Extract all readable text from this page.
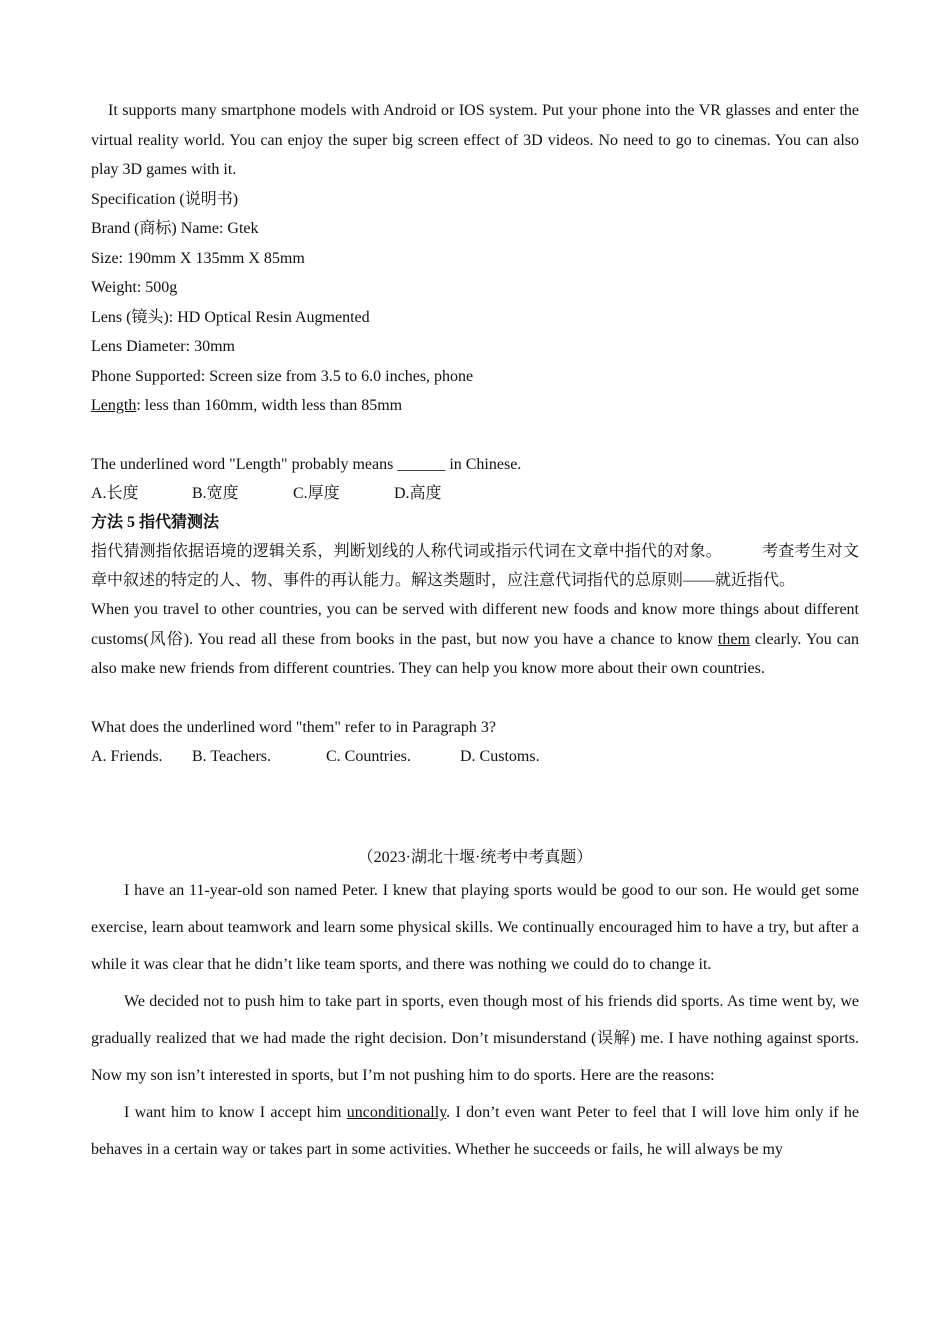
It supports many smartphone models with Android or IOS system. Put your phone into the VR glasses and enter the virtual reality world. You can enjoy the super big screen effect of 3D videos. No need to go to cinemas. You can also play 3D games with it.

Specification (说明书)

Brand (商标) Name: Gtek

Size: 190mm X 135mm X 85mm

Weight: 500g

Lens (镜头): HD Optical Resin Augmented

Lens Diameter: 30mm

Phone Supported: Screen size from 3.5 to 6.0 inches, phone

Length: less than 160mm, width less than 85mm

The underlined word "Length" probably means ______ in Chinese.

A.长度	B.宽度	C.厚度	D.高度

方法 5 指代猜测法

指代猜测指依据语境的逻辑关系，判断划线的人称代词或指示代词在文章中指代的对象。	考查考生对文章中叙述的特定的人、物、事件的再认能力。解这类题时，应注意代词指代的总原则——就近指代。

When you travel to other countries, you can be served with different new foods and know more things about different customs(风俗). You read all these from books in the past, but now you have a chance to know them clearly. You can also make new friends from different countries. They can help you know more about their own countries.

What does the underlined word "them" refer to in Paragraph 3?

A. Friends.	B. Teachers.	C. Countries.	D. Customs.

（2023·湖北十堰·统考中考真题）

I have an 11-year-old son named Peter. I knew that playing sports would be good to our son. He would get some exercise, learn about teamwork and learn some physical skills. We continually encouraged him to have a try, but after a while it was clear that he didn’t like team sports, and there was nothing we could do to change it.

We decided not to push him to take part in sports, even though most of his friends did sports. As time went by, we gradually realized that we had made the right decision. Don’t misunderstand (误解) me. I have nothing against sports. Now my son isn’t interested in sports, but I’m not pushing him to do sports. Here are the reasons:

I want him to know I accept him unconditionally. I don’t even want Peter to feel that I will love him only if he behaves in a certain way or takes part in some activities. Whether he succeeds or fails, he will always be my
